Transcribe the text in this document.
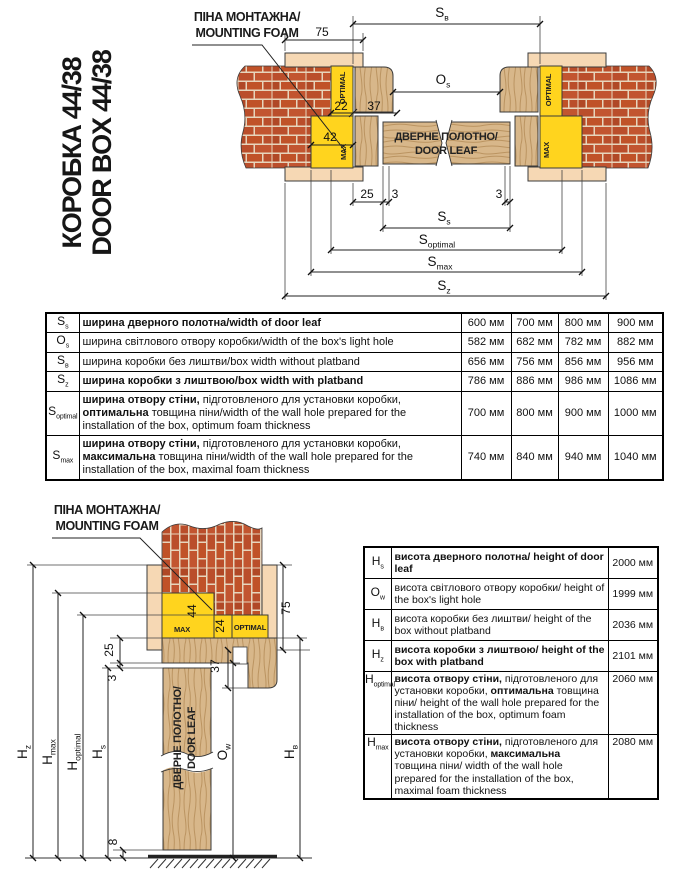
КОРОБКА 44/38 DOOR BOX 44/38	OPTIMAL
MAX
OPTIMAL
MAX
ДВЕРНЕ ПОЛОТНО/
DOOR LEAF
ПІНА МОНТАЖНА/
MOUNTING FOAM
$S_в$
75
$O_s$
22 37
42
25 3	3
$S_s$
$S_{optimal}$
$S_{max}$
$S_z$
$S_s$	ширина дверного полотна/width of door leaf	600 мм	700 мм	800 мм	900 мм
$O_s$	ширина світлового отвору коробки/width of the box's light hole	582 мм	682 мм	782 мм	882 мм
$S_в$	ширина коробки без лиштви/box width without platband	656 мм	756 мм	856 мм	956 мм
$S_z$	ширина коробки з лиштвою/box width with platband	786 мм	886 мм	986 мм	1086 мм
$S_{optimal}$	ширина отвору стіни, підготовленого для установки коробки, оптимальна товщина піни/width of the wall hole prepared for the installation of the box, optimum foam thickness	700 мм	800 мм	900 мм	1000 мм
$S_{max}$	ширина отвору стіни, підготовленого для установки коробки, максимальна товщина піни/width of the wall hole prepared for the installation of the box, maximal foam thickness	740 мм	840 мм	940 мм	1040 мм
44
MAX 24 OPTIMAL
ДВЕРНЕ ПОЛОТНО/ DOOR LEAF
ПІНА МОНТАЖНА/
MOUNTING FOAM
$H_z$
$H_{max}$
$H_{optimal}$ $H_s$
$O_w$
$H_в$
75
25
3
37
8
$H_s$	висота дверного полотна/ height of door leaf	2000 мм
$O_w$	висота світлового отвору коробки/ height of the box's light hole	1999 мм
$H_в$	висота коробки без лиштви/ height of the box without platband	2036 мм
$H_z$	висота коробки з лиштвою/ height of the box with platband	2101 мм
$H_{optimal}$	висота отвору стіни, підготовленого для установки коробки, оптимальна товщина піни/ height of the wall hole prepared for the installation of the box, optimum foam thickness	2060 мм
$H_{max}$	висота отвору стіни, підготовленого для установки коробки, максимальна товщина піни/ width of the wall hole prepared for the installation of the box, maximal foam thickness	2080 мм
